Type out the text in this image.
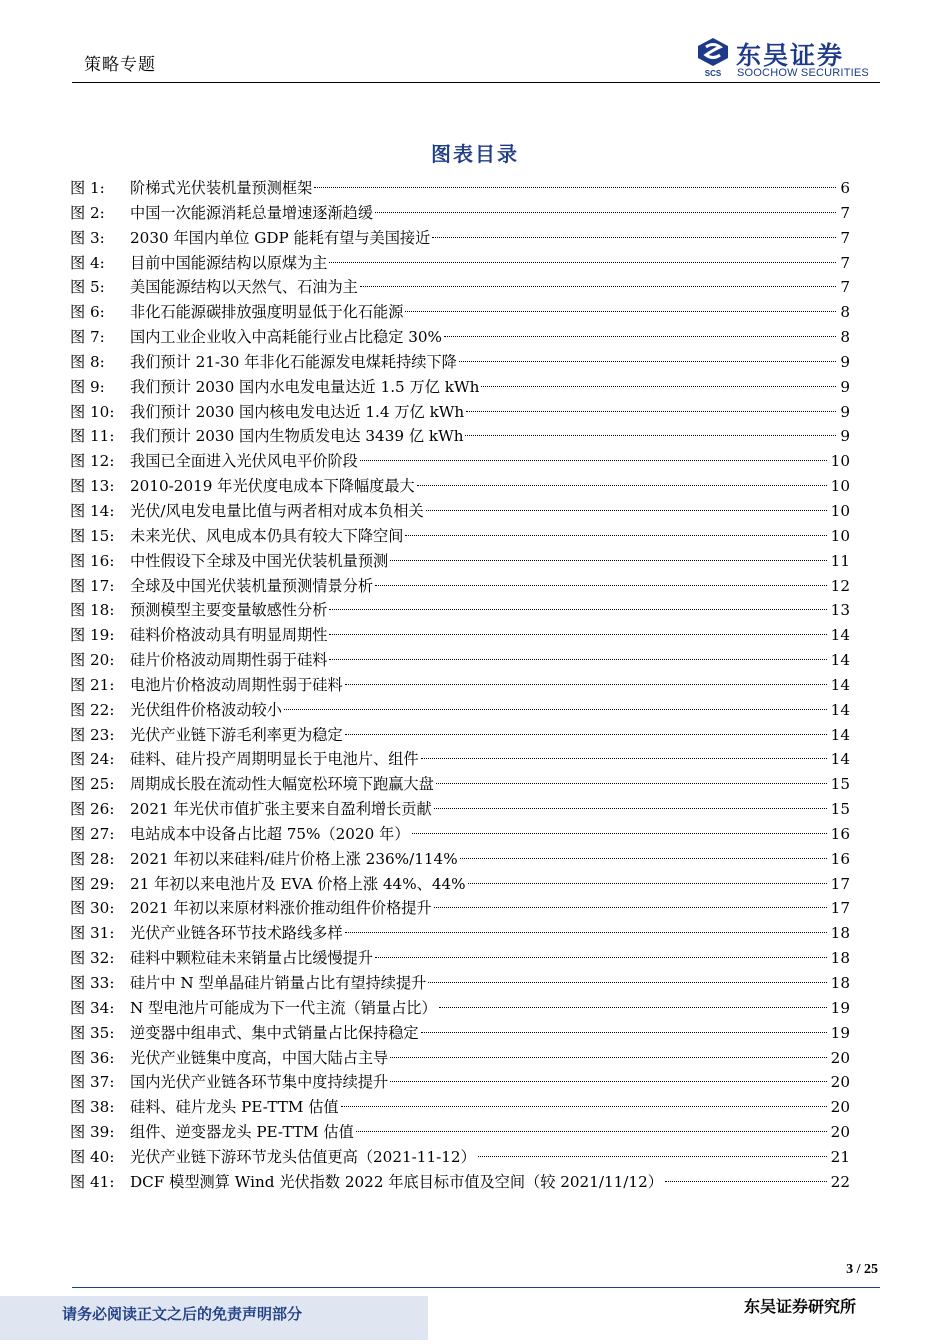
策略专题	SCS
东吴证券
SOOCHOW SECURITIES
图表目录
图 1:	阶梯式光伏装机量预测框架	6
图 2:	中国一次能源消耗总量增速逐渐趋缓	7
图 3:	2030 年国内单位 GDP 能耗有望与美国接近	7
图 4:	目前中国能源结构以原煤为主	7
图 5:	美国能源结构以天然气、石油为主	7
图 6:	非化石能源碳排放强度明显低于化石能源	8
图 7:	国内工业企业收入中高耗能行业占比稳定 30%	8
图 8:	我们预计 21-30 年非化石能源发电煤耗持续下降	9
图 9:	我们预计 2030 国内水电发电量达近 1.5 万亿 kWh	9
图 10:	我们预计 2030 国内核电发电达近 1.4 万亿 kWh	9
图 11:	我们预计 2030 国内生物质发电达 3439 亿 kWh	9
图 12:	我国已全面进入光伏风电平价阶段	10
图 13:	2010-2019 年光伏度电成本下降幅度最大	10
图 14:	光伏/风电发电量比值与两者相对成本负相关	10
图 15:	未来光伏、风电成本仍具有较大下降空间	10
图 16:	中性假设下全球及中国光伏装机量预测	11
图 17:	全球及中国光伏装机量预测情景分析	12
图 18:	预测模型主要变量敏感性分析	13
图 19:	硅料价格波动具有明显周期性	14
图 20:	硅片价格波动周期性弱于硅料	14
图 21:	电池片价格波动周期性弱于硅料	14
图 22:	光伏组件价格波动较小	14
图 23:	光伏产业链下游毛利率更为稳定	14
图 24:	硅料、硅片投产周期明显长于电池片、组件	14
图 25:	周期成长股在流动性大幅宽松环境下跑赢大盘	15
图 26:	2021 年光伏市值扩张主要来自盈利增长贡献	15
图 27:	电站成本中设备占比超 75%（2020 年）	16
图 28:	2021 年初以来硅料/硅片价格上涨 236%/114%	16
图 29:	21 年初以来电池片及 EVA 价格上涨 44%、44%	17
图 30:	2021 年初以来原材料涨价推动组件价格提升	17
图 31:	光伏产业链各环节技术路线多样	18
图 32:	硅料中颗粒硅未来销量占比缓慢提升	18
图 33:	硅片中 N 型单晶硅片销量占比有望持续提升	18
图 34:	N 型电池片可能成为下一代主流（销量占比）	19
图 35:	逆变器中组串式、集中式销量占比保持稳定	19
图 36:	光伏产业链集中度高，中国大陆占主导	20
图 37:	国内光伏产业链各环节集中度持续提升	20
图 38:	硅料、硅片龙头 PE-TTM 估值	20
图 39:	组件、逆变器龙头 PE-TTM 估值	20
图 40:	光伏产业链下游环节龙头估值更高（2021-11-12）	21
图 41:	DCF 模型测算 Wind 光伏指数 2022 年底目标市值及空间（较 2021/11/12）	22
3 / 25
请务必阅读正文之后的免责声明部分	东吴证券研究所
